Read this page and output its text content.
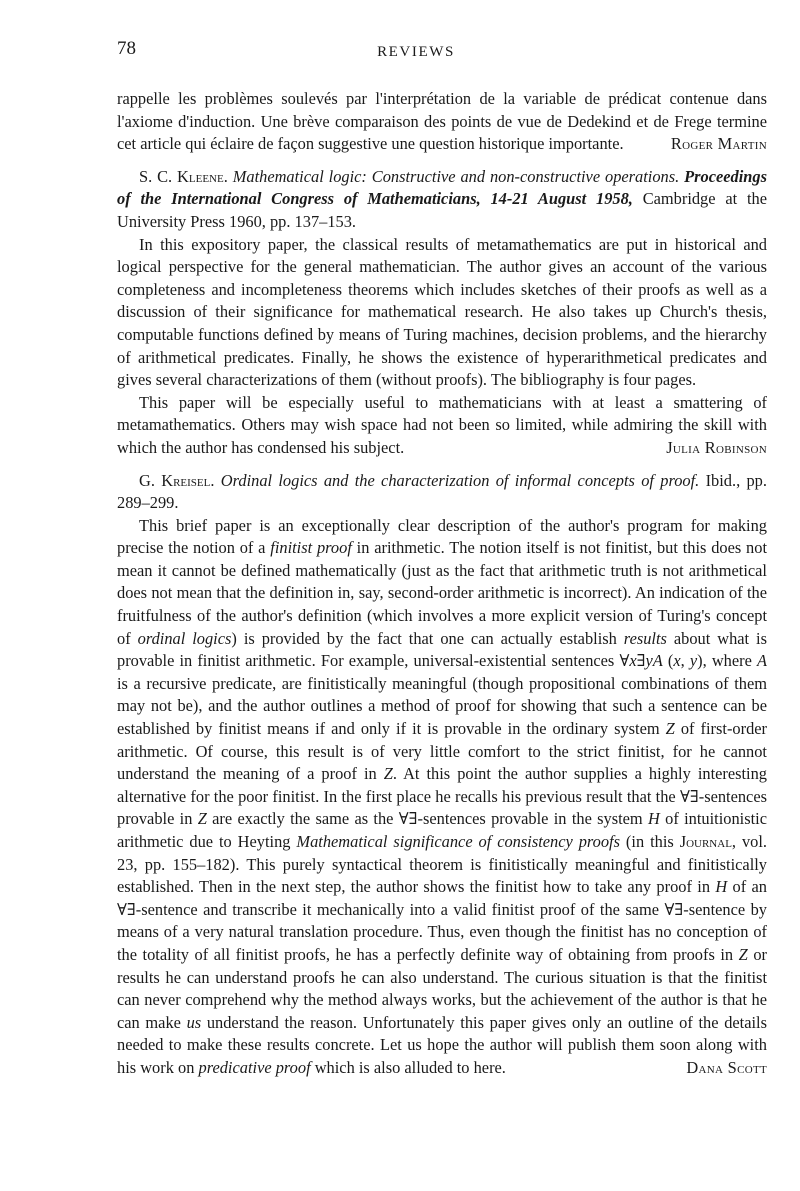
78	REVIEWS

rappelle les problèmes soulevés par l'interprétation de la variable de prédicat contenue dans l'axiome d'induction. Une brève comparaison des points de vue de Dedekind et de Frege termine cet article qui éclaire de façon suggestive une question historique importante.	Roger Martin

S. C. Kleene. Mathematical logic: Constructive and non-constructive operations. Proceedings of the International Congress of Mathematicians, 14-21 August 1958, Cambridge at the University Press 1960, pp. 137–153.

In this expository paper, the classical results of metamathematics are put in historical and logical perspective for the general mathematician. The author gives an account of the various completeness and incompleteness theorems which includes sketches of their proofs as well as a discussion of their significance for mathematical research. He also takes up Church's thesis, computable functions defined by means of Turing machines, decision problems, and the hierarchy of arithmetical predicates. Finally, he shows the existence of hyperarithmetical predicates and gives several characterizations of them (without proofs). The bibliography is four pages.

This paper will be especially useful to mathematicians with at least a smattering of metamathematics. Others may wish space had not been so limited, while admiring the skill with which the author has condensed his subject.	Julia Robinson

G. Kreisel. Ordinal logics and the characterization of informal concepts of proof. Ibid., pp. 289–299.

This brief paper is an exceptionally clear description of the author's program for making precise the notion of a finitist proof in arithmetic. The notion itself is not finitist, but this does not mean it cannot be defined mathematically (just as the fact that arithmetic truth is not arithmetical does not mean that the definition in, say, second-order arithmetic is incorrect). An indication of the fruitfulness of the author's definition (which involves a more explicit version of Turing's concept of ordinal logics) is provided by the fact that one can actually establish results about what is provable in finitist arithmetic. For example, universal-existential sentences ∀x∃yA (x, y), where A is a recursive predicate, are finitistically meaningful (though propositional combinations of them may not be), and the author outlines a method of proof for showing that such a sentence can be established by finitist means if and only if it is provable in the ordinary system Z of first-order arithmetic. Of course, this result is of very little comfort to the strict finitist, for he cannot understand the meaning of a proof in Z. At this point the author supplies a highly interesting alternative for the poor finitist. In the first place he recalls his previous result that the ∀∃-sentences provable in Z are exactly the same as the ∀∃-sentences provable in the system H of intuitionistic arithmetic due to Heyting Mathematical significance of consistency proofs (in this Journal, vol. 23, pp. 155–182). This purely syntactical theorem is finitistically meaningful and finitistically established. Then in the next step, the author shows the finitist how to take any proof in H of an ∀∃-sentence and transcribe it mechanically into a valid finitist proof of the same ∀∃-sentence by means of a very natural translation procedure. Thus, even though the finitist has no conception of the totality of all finitist proofs, he has a perfectly definite way of obtaining from proofs in Z or results he can understand proofs he can also understand. The curious situation is that the finitist can never comprehend why the method always works, but the achievement of the author is that he can make us understand the reason. Unfortunately this paper gives only an outline of the details needed to make these results concrete. Let us hope the author will publish them soon along with his work on predicative proof which is also alluded to here.	Dana Scott
